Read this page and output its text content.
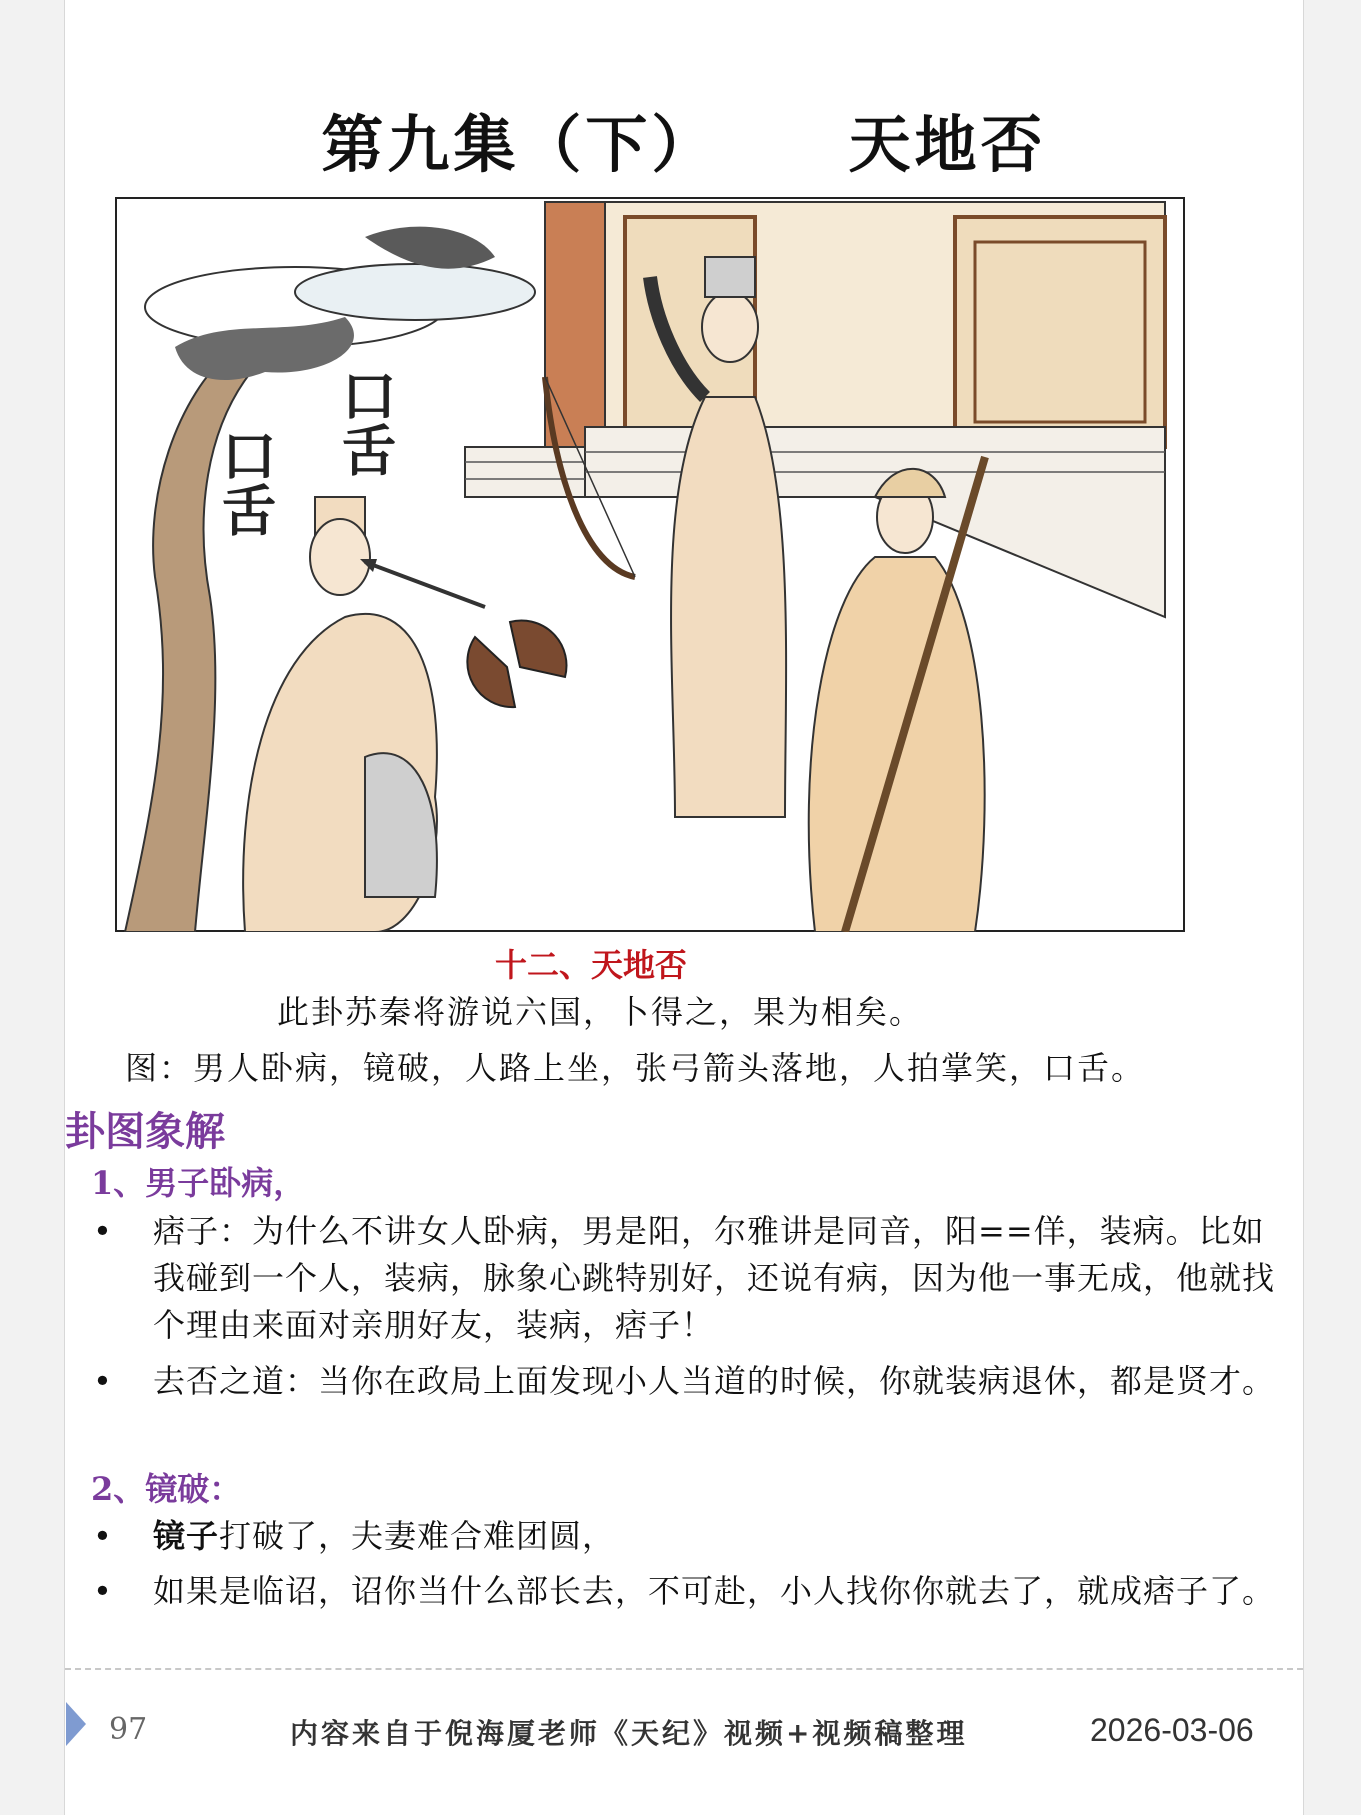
第九集（下）  天地否
口舌
口舌
十二、天地否
此卦苏秦将游说六国，卜得之，果为相矣。
图：男人卧病，镜破，人路上坐，张弓箭头落地，人拍掌笑，口舌。
卦图象解
1、男子卧病，
•	痞子：为什么不讲女人卧病，男是阳，尔雅讲是同音，阳==佯，装病。比如我碰到一个人，装病，脉象心跳特别好，还说有病，因为他一事无成，他就找个理由来面对亲朋好友，装病，痞子！
•	去否之道：当你在政局上面发现小人当道的时候，你就装病退休，都是贤才。
2、镜破：
•	镜子打破了，夫妻难合难团圆，
•	如果是临诏，诏你当什么部长去，不可赴，小人找你你就去了，就成痞子了。
97	内容来自于倪海厦老师《天纪》视频+视频稿整理	2026-03-06
